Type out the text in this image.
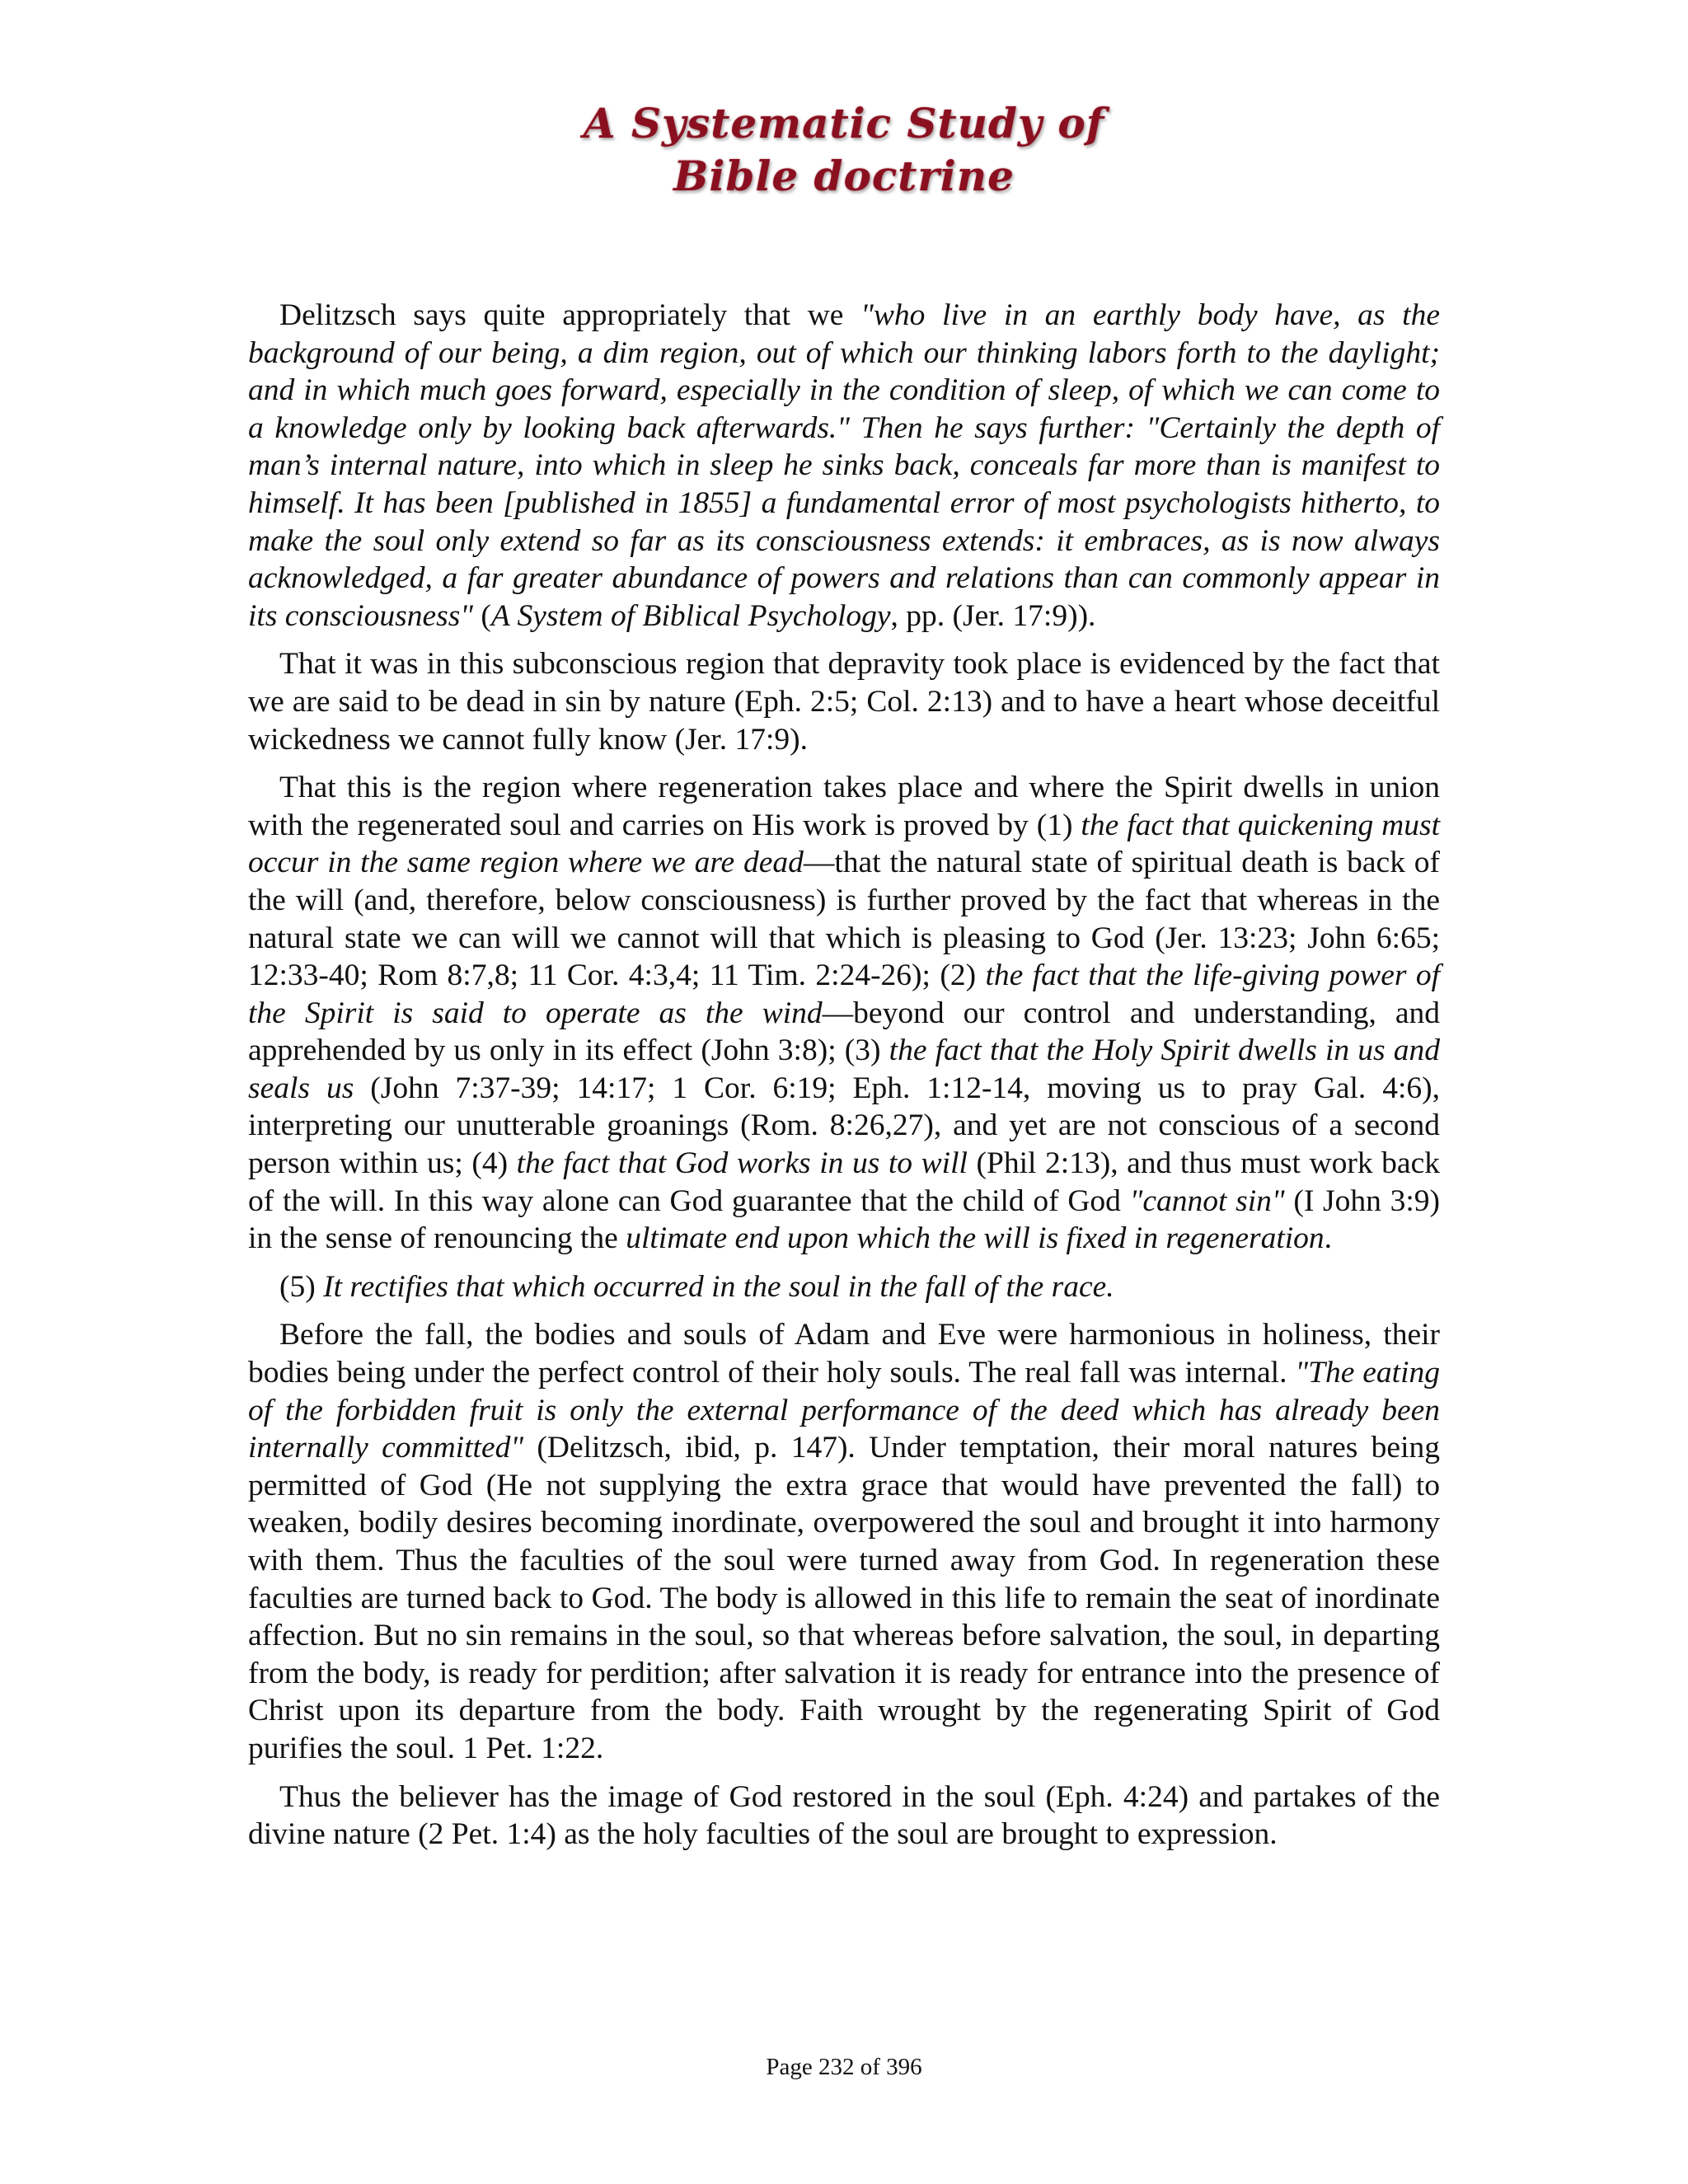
A Systematic Study of
Bible doctrine

Delitzsch says quite appropriately that we "who live in an earthly body have, as the background of our being, a dim region, out of which our thinking labors forth to the daylight; and in which much goes forward, especially in the condition of sleep, of which we can come to a knowledge only by looking back afterwards." Then he says further: "Certainly the depth of man’s internal nature, into which in sleep he sinks back, conceals far more than is manifest to himself. It has been [published in 1855] a fundamental error of most psychologists hitherto, to make the soul only extend so far as its consciousness extends: it embraces, as is now always acknowledged, a far greater abundance of powers and relations than can commonly appear in its consciousness" (A System of Biblical Psychology, pp. (Jer. 17:9)).

That it was in this subconscious region that depravity took place is evidenced by the fact that we are said to be dead in sin by nature (Eph. 2:5; Col. 2:13) and to have a heart whose deceitful wickedness we cannot fully know (Jer. 17:9).

That this is the region where regeneration takes place and where the Spirit dwells in union with the regenerated soul and carries on His work is proved by (1) the fact that quickening must occur in the same region where we are dead—that the natural state of spiritual death is back of the will (and, therefore, below consciousness) is further proved by the fact that whereas in the natural state we can will we cannot will that which is pleasing to God (Jer. 13:23; John 6:65; 12:33-40; Rom 8:7,8; 11 Cor. 4:3,4; 11 Tim. 2:24-26); (2) the fact that the life-giving power of the Spirit is said to operate as the wind—beyond our control and understanding, and apprehended by us only in its effect (John 3:8); (3) the fact that the Holy Spirit dwells in us and seals us (John 7:37-39; 14:17; 1 Cor. 6:19; Eph. 1:12-14, moving us to pray Gal. 4:6), interpreting our unutterable groanings (Rom. 8:26,27), and yet are not conscious of a second person within us; (4) the fact that God works in us to will (Phil 2:13), and thus must work back of the will. In this way alone can God guarantee that the child of God "cannot sin" (I John 3:9) in the sense of renouncing the ultimate end upon which the will is fixed in regeneration.

(5) It rectifies that which occurred in the soul in the fall of the race.

Before the fall, the bodies and souls of Adam and Eve were harmonious in holiness, their bodies being under the perfect control of their holy souls. The real fall was internal. "The eating of the forbidden fruit is only the external performance of the deed which has already been internally committed" (Delitzsch, ibid, p. 147). Under temptation, their moral natures being permitted of God (He not supplying the extra grace that would have prevented the fall) to weaken, bodily desires becoming inordinate, overpowered the soul and brought it into harmony with them. Thus the faculties of the soul were turned away from God. In regeneration these faculties are turned back to God. The body is allowed in this life to remain the seat of inordinate affection. But no sin remains in the soul, so that whereas before salvation, the soul, in departing from the body, is ready for perdition; after salvation it is ready for entrance into the presence of Christ upon its departure from the body. Faith wrought by the regenerating Spirit of God purifies the soul. 1 Pet. 1:22.

Thus the believer has the image of God restored in the soul (Eph. 4:24) and partakes of the divine nature (2 Pet. 1:4) as the holy faculties of the soul are brought to expression.

Page 232 of 396
